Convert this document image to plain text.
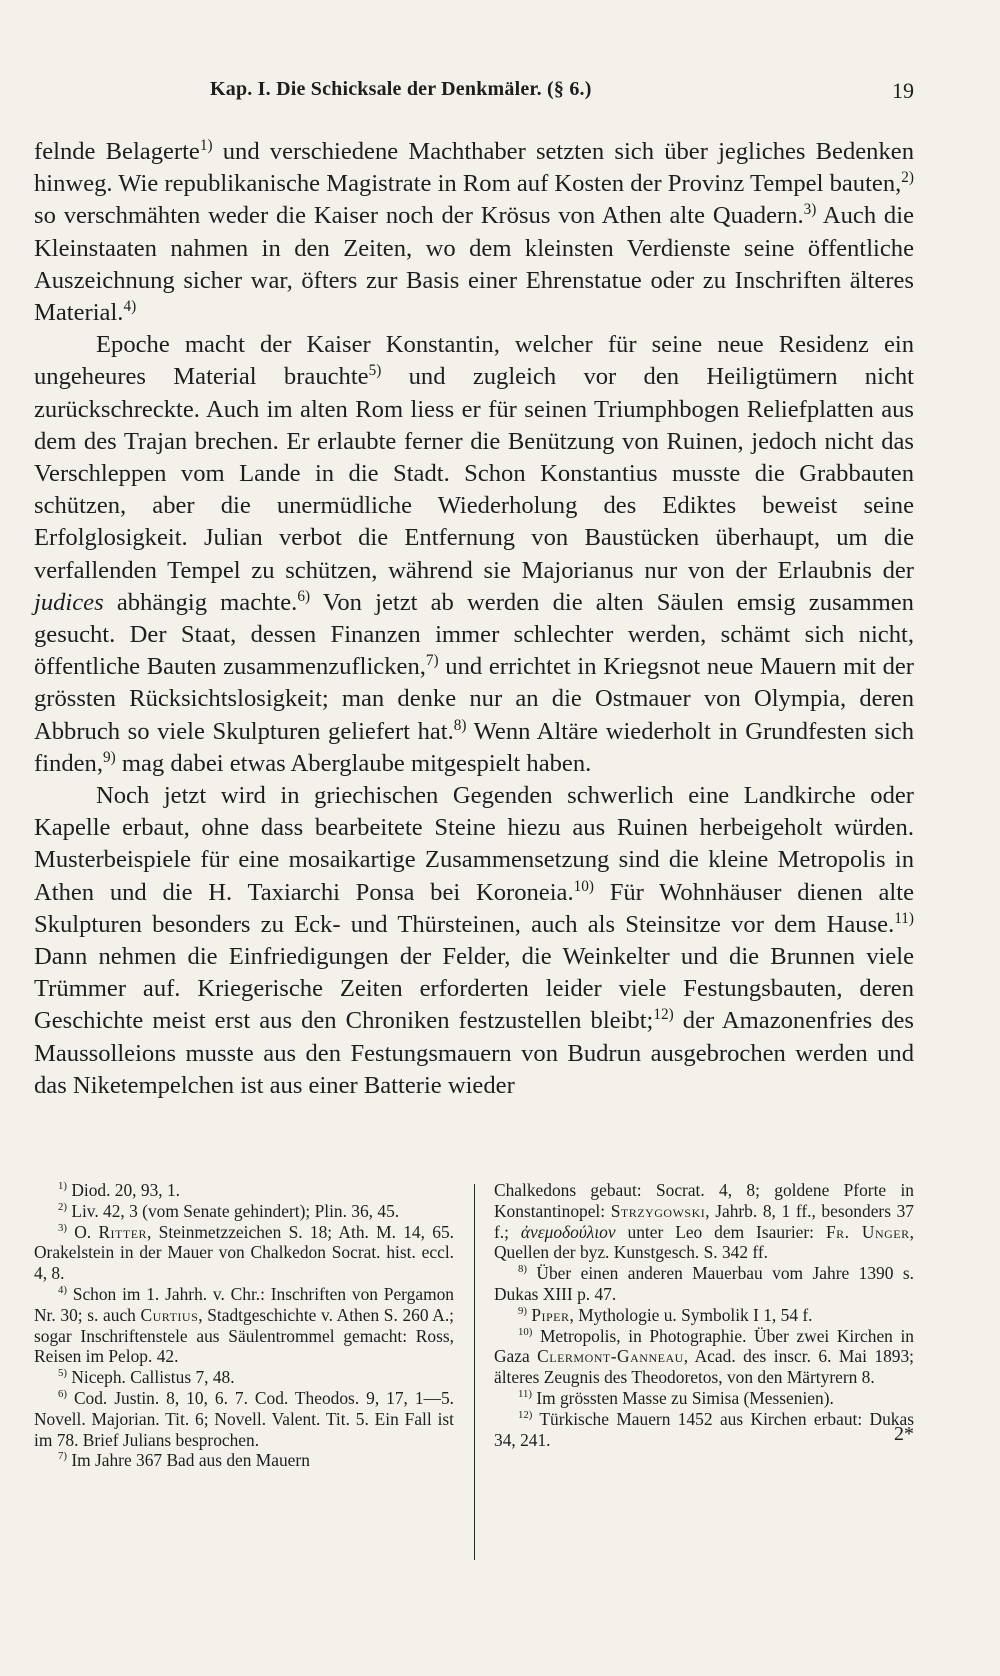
Kap. I. Die Schicksale der Denkmäler. (§ 6.)	19

felnde Belagerte$^{1)}$ und verschiedene Machthaber setzten sich über jegliches Bedenken hinweg. Wie republikanische Magistrate in Rom auf Kosten der Provinz Tempel bauten,$^{2)}$ so verschmähten weder die Kaiser noch der Krösus von Athen alte Quadern.$^{3)}$ Auch die Kleinstaaten nahmen in den Zeiten, wo dem kleinsten Verdienste seine öffentliche Auszeichnung sicher war, öfters zur Basis einer Ehrenstatue oder zu Inschriften älteres Material.$^{4)}$

Epoche macht der Kaiser Konstantin, welcher für seine neue Residenz ein ungeheures Material brauchte$^{5)}$ und zugleich vor den Heiligtümern nicht zurückschreckte. Auch im alten Rom liess er für seinen Triumphbogen Reliefplatten aus dem des Trajan brechen. Er erlaubte ferner die Benützung von Ruinen, jedoch nicht das Verschleppen vom Lande in die Stadt. Schon Konstantius musste die Grabbauten schützen, aber die unermüdliche Wiederholung des Ediktes beweist seine Erfolglosigkeit. Julian verbot die Entfernung von Baustücken überhaupt, um die verfallenden Tempel zu schützen, während sie Majorianus nur von der Erlaubnis der judices abhängig machte.$^{6)}$ Von jetzt ab werden die alten Säulen emsig zusammen gesucht. Der Staat, dessen Finanzen immer schlechter werden, schämt sich nicht, öffentliche Bauten zusammenzuflicken,$^{7)}$ und errichtet in Kriegsnot neue Mauern mit der grössten Rücksichtslosigkeit; man denke nur an die Ostmauer von Olympia, deren Abbruch so viele Skulpturen geliefert hat.$^{8)}$ Wenn Altäre wiederholt in Grundfesten sich finden,$^{9)}$ mag dabei etwas Aberglaube mitgespielt haben.

Noch jetzt wird in griechischen Gegenden schwerlich eine Landkirche oder Kapelle erbaut, ohne dass bearbeitete Steine hiezu aus Ruinen herbeigeholt würden. Musterbeispiele für eine mosaikartige Zusammensetzung sind die kleine Metropolis in Athen und die H. Taxiarchi Ponsa bei Koroneia.$^{10)}$ Für Wohnhäuser dienen alte Skulpturen besonders zu Eck- und Thürsteinen, auch als Steinsitze vor dem Hause.$^{11)}$ Dann nehmen die Einfriedigungen der Felder, die Weinkelter und die Brunnen viele Trümmer auf. Kriegerische Zeiten erforderten leider viele Festungsbauten, deren Geschichte meist erst aus den Chroniken festzustellen bleibt;$^{12)}$ der Amazonenfries des Maussolleions musste aus den Festungsmauern von Budrun ausgebrochen werden und das Niketempelchen ist aus einer Batterie wieder

$^{1)}$ Diod. 20, 93, 1.

$^{2)}$ Liv. 42, 3 (vom Senate gehindert); Plin. 36, 45.

$^{3)}$ O. Ritter, Steinmetzzeichen S. 18; Ath. M. 14, 65. Orakelstein in der Mauer von Chalkedon Socrat. hist. eccl. 4, 8.

$^{4)}$ Schon im 1. Jahrh. v. Chr.: Inschriften von Pergamon Nr. 30; s. auch Curtius, Stadtgeschichte v. Athen S. 260 A.; sogar Inschriftenstele aus Säulentrommel gemacht: Ross, Reisen im Pelop. 42.

$^{5)}$ Niceph. Callistus 7, 48.

$^{6)}$ Cod. Justin. 8, 10, 6. 7. Cod. Theodos. 9, 17, 1—5. Novell. Majorian. Tit. 6; Novell. Valent. Tit. 5. Ein Fall ist im 78. Brief Julians besprochen.

$^{7)}$ Im Jahre 367 Bad aus den Mauern

Chalkedons gebaut: Socrat. 4, 8; goldene Pforte in Konstantinopel: Strzygowski, Jahrb. 8, 1 ff., besonders 37 f.; ἀνεμοδούλιον unter Leo dem Isaurier: Fr. Unger, Quellen der byz. Kunstgesch. S. 342 ff.

$^{8)}$ Über einen anderen Mauerbau vom Jahre 1390 s. Dukas XIII p. 47.

$^{9)}$ Piper, Mythologie u. Symbolik I 1, 54 f.

$^{10)}$ Metropolis, in Photographie. Über zwei Kirchen in Gaza Clermont-Ganneau, Acad. des inscr. 6. Mai 1893; älteres Zeugnis des Theodoretos, von den Märtyrern 8.

$^{11)}$ Im grössten Masse zu Simisa (Messenien).

$^{12)}$ Türkische Mauern 1452 aus Kirchen erbaut: Dukas 34, 241.	2*
